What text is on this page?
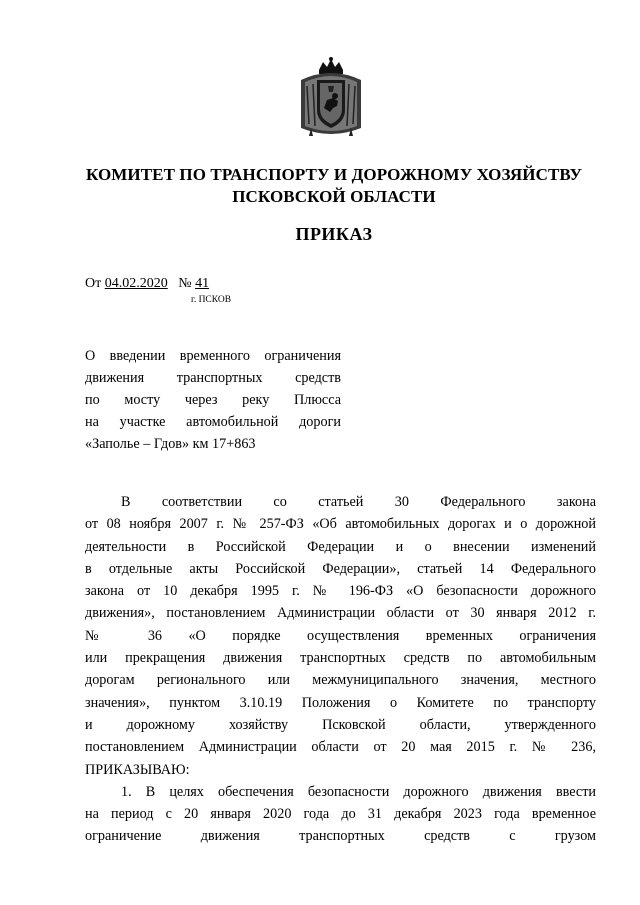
КОМИТЕТ ПО ТРАНСПОРТУ И ДОРОЖНОМУ ХОЗЯЙСТВУ
ПСКОВСКОЙ ОБЛАСТИ
ПРИКАЗ
От 04.02.2020 № 41
г. ПСКОВ
О введении временного ограничения
движения транспортных средств
по мосту через реку Плюсса
на участке автомобильной дороги
«Заполье – Гдов» км 17+863
В соответствии со статьей 30 Федерального закона
от 08 ноября 2007 г. № 257-ФЗ «Об автомобильных дорогах и о дорожной
деятельности в Российской Федерации и о внесении изменений
в отдельные акты Российской Федерации», статьей 14 Федерального
закона от 10 декабря 1995 г. № 196-ФЗ «О безопасности дорожного
движения», постановлением Администрации области от 30 января 2012 г.
№ 36 «О порядке осуществления временных ограничения
или прекращения движения транспортных средств по автомобильным
дорогам регионального или межмуниципального значения, местного
значения», пунктом 3.10.19 Положения о Комитете по транспорту
и дорожному хозяйству Псковской области, утвержденного
постановлением Администрации области от 20 мая 2015 г. № 236,
ПРИКАЗЫВАЮ:
1. В целях обеспечения безопасности дорожного движения ввести
на период с 20 января 2020 года до 31 декабря 2023 года временное
ограничение движения транспортных средств с грузом
